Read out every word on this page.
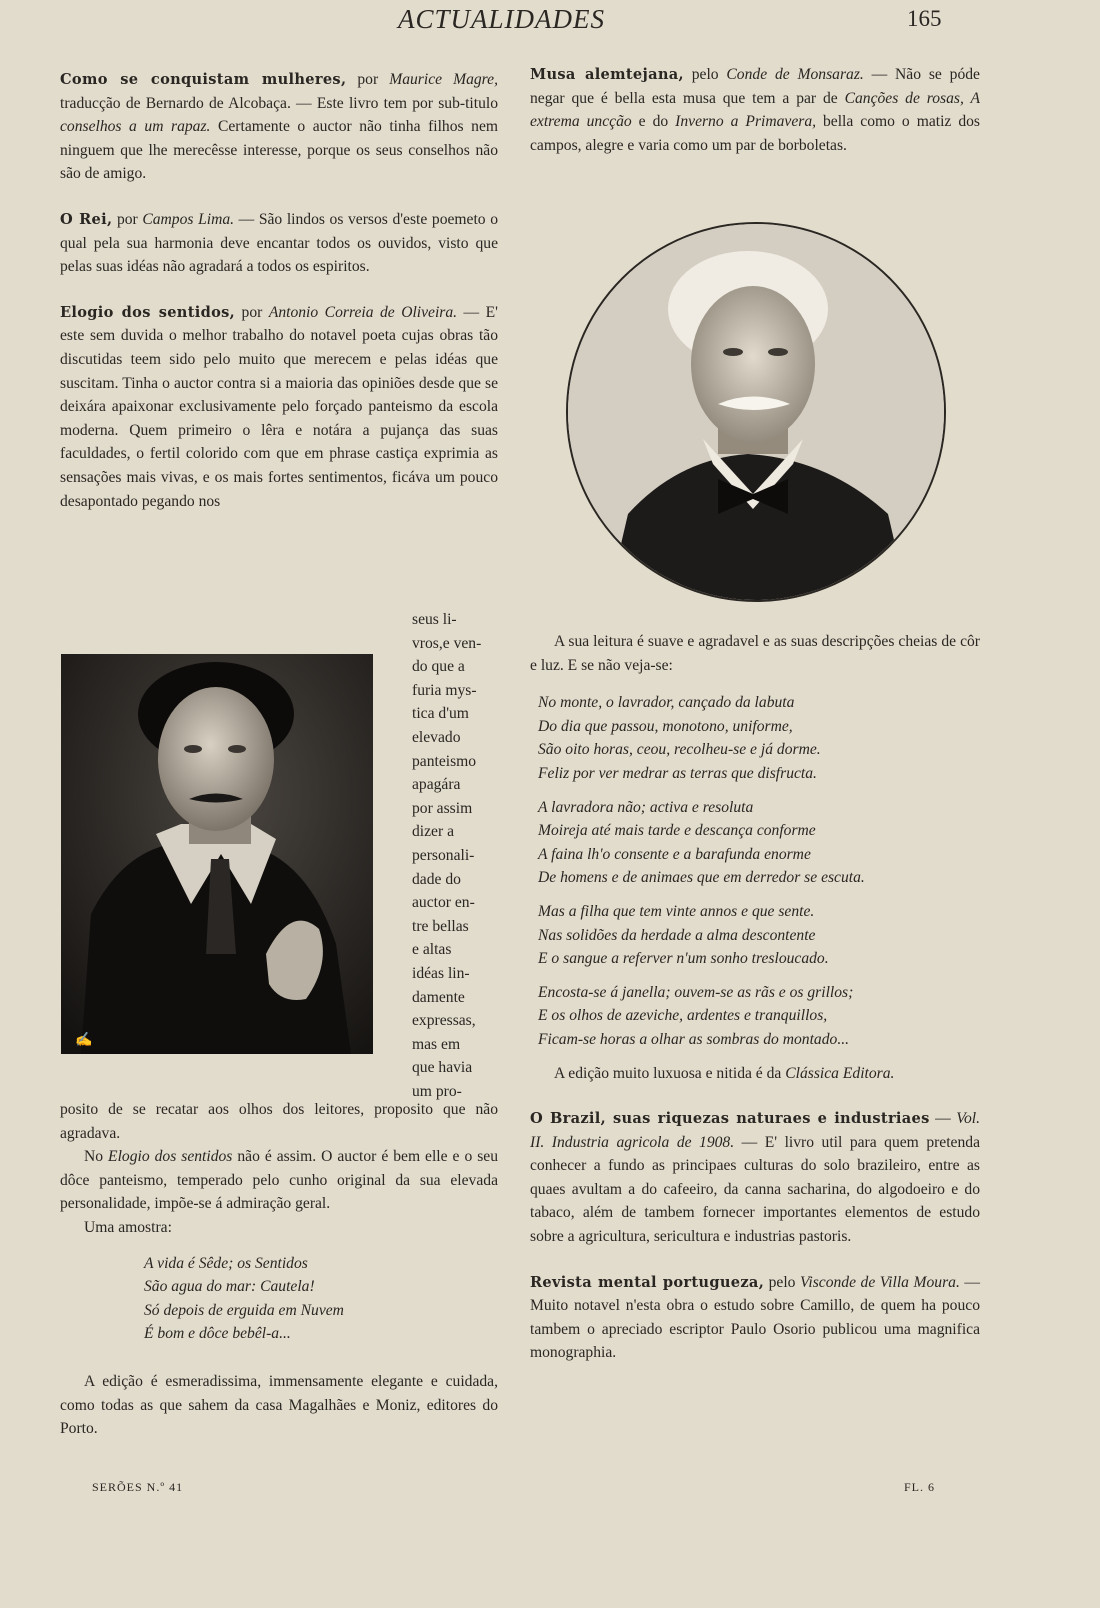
ACTUALIDADES	165

Como se conquistam mulheres, por Maurice Magre, traducção de Bernardo de Alcobaça. — Este livro tem por sub-titulo conselhos a um rapaz. Certamente o auctor não tinha filhos nem ninguem que lhe merecêsse interesse, porque os seus conselhos não são de amigo.

O Rei, por Campos Lima. — São lindos os versos d'este poemeto o qual pela sua harmonia deve encantar todos os ouvidos, visto que pelas suas idéas não agradará a todos os espiritos.

Elogio dos sentidos, por Antonio Correia de Oliveira. — E' este sem duvida o melhor trabalho do notavel poeta cujas obras tão discutidas teem sido pelo muito que merecem e pelas idéas que suscitam. Tinha o auctor contra si a maioria das opiniões desde que se deixára apaixonar exclusivamente pelo forçado panteismo da escola moderna. Quem primeiro o lêra e notára a pujança das suas faculdades, o fertil colorido com que em phrase castiça exprimia as sensações mais vivas, e os mais fortes sentimentos, ficáva um pouco desapontado pegando nos

seus li-
vros,e ven-
do que a
furia mys-
tica d'um
elevado
panteismo
apagára
por assim
dizer a
personali-
dade do
auctor en-
tre bellas
e altas
idéas lin-
damente
expressas,
mas em
que havia
um pro-
✍

posito de se recatar aos olhos dos leitores, proposito que não agradava.

No Elogio dos sentidos não é assim. O auctor é bem elle e o seu dôce panteismo, temperado pelo cunho original da sua elevada personalidade, impõe-se á admiração geral.

Uma amostra:

A vida é Sêde; os Sentidos
São agua do mar: Cautela!
Só depois de erguida em Nuvem
É bom e dôce bebêl-a...

A edição é esmeradissima, immensamente elegante e cuidada, como todas as que sahem da casa Magalhães e Moniz, editores do Porto.

Musa alemtejana, pelo Conde de Monsaraz. — Não se póde negar que é bella esta musa que tem a par de Canções de rosas, A extrema uncção e do Inverno a Primavera, bella como o matiz dos campos, alegre e varia como um par de borboletas.

A sua leitura é suave e agradavel e as suas descripções cheias de côr e luz. E se não veja-se:

No monte, o lavrador, cançado da labuta
Do dia que passou, monotono, uniforme,
São oito horas, ceou, recolheu-se e já dorme.
Feliz por ver medrar as terras que disfructa.
A lavradora não; activa e resoluta
Moireja até mais tarde e descança conforme
A faina lh'o consente e a barafunda enorme
De homens e de animaes que em derredor se escuta.
Mas a filha que tem vinte annos e que sente.
Nas solidões da herdade a alma descontente
E o sangue a referver n'um sonho tresloucado.
Encosta-se á janella; ouvem-se as rãs e os grillos;
E os olhos de azeviche, ardentes e tranquillos,
Ficam-se horas a olhar as sombras do montado...

A edição muito luxuosa e nitida é da Clássica Editora.

O Brazil, suas riquezas naturaes e industriaes — Vol. II. Industria agricola de 1908. — E' livro util para quem pretenda conhecer a fundo as principaes culturas do solo brazileiro, entre as quaes avultam a do cafeeiro, da canna sacharina, do algodoeiro e do tabaco, além de tambem fornecer importantes elementos de estudo sobre a agricultura, sericultura e industrias pastoris.

Revista mental portugueza, pelo Visconde de Villa Moura. — Muito notavel n'esta obra o estudo sobre Camillo, de quem ha pouco tambem o apreciado escriptor Paulo Osorio publicou uma magnifica monographia.

SERÕES N.º 41	FL. 6
